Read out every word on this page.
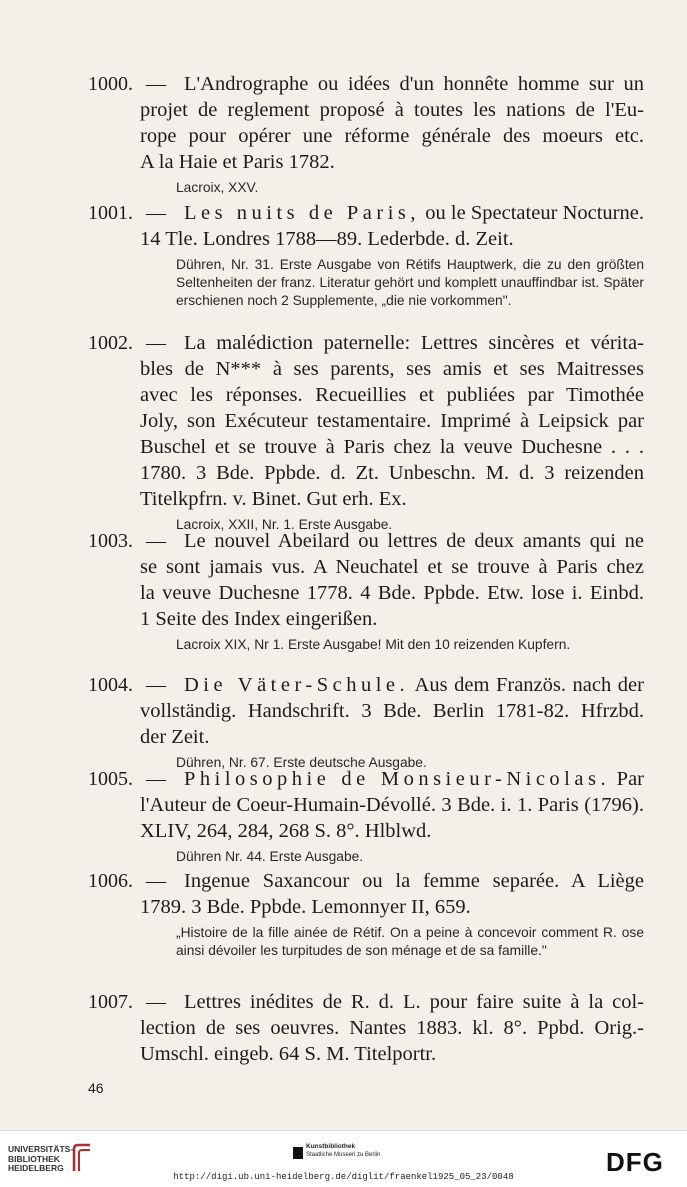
1000. — L'Andrographe ou idées d'un honnête homme sur un
projet de reglement proposé à toutes les nations de l'Eu-
rope pour opérer une réforme générale des moeurs etc.
A la Haie et Paris 1782.
Lacroix, XXV.
1001. — Les nuits de Paris, ou le Spectateur Nocturne.
14 Tle. Londres 1788—89. Lederbde. d. Zeit.
Dühren, Nr. 31. Erste Ausgabe von Rétifs Hauptwerk, die zu den größten Seltenheiten der franz. Literatur gehört und komplett unauffindbar ist. Später erschienen noch 2 Supplemente, „die nie vorkommen".
1002. — La malédiction paternelle: Lettres sincères et vérita-
bles de N*** à ses parents, ses amis et ses Maitresses
avec les réponses. Recueillies et publiées par Timothée
Joly, son Exécuteur testamentaire. Imprimé à Leipsick par
Buschel et se trouve à Paris chez la veuve Duchesne . . .
1780. 3 Bde. Ppbde. d. Zt. Unbeschn. M. d. 3 reizenden
Titelkpfrn. v. Binet. Gut erh. Ex.
Lacroix, XXII, Nr. 1. Erste Ausgabe.
1003. — Le nouvel Abeilard ou lettres de deux amants qui ne
se sont jamais vus. A Neuchatel et se trouve à Paris chez
la veuve Duchesne 1778. 4 Bde. Ppbde. Etw. lose i. Einbd.
1 Seite des Index eingerißen.
Lacroix XIX, Nr 1. Erste Ausgabe! Mit den 10 reizenden Kupfern.
1004. — Die Väter-Schule. Aus dem Französ. nach der
vollständig. Handschrift. 3 Bde. Berlin 1781-82. Hfrzbd.
der Zeit.
Dühren, Nr. 67. Erste deutsche Ausgabe.
1005. — Philosophie de Monsieur-Nicolas. Par
l'Auteur de Coeur-Humain-Dévollé. 3 Bde. i. 1. Paris (1796).
XLIV, 264, 284, 268 S. 8°. Hlblwd.
Dühren Nr. 44. Erste Ausgabe.
1006. — Ingenue Saxancour ou la femme separée. A Liège
1789. 3 Bde. Ppbde. Lemonnyer II, 659.
„Histoire de la fille ainée de Rétif. On a peine à concevoir comment R. ose ainsi dévoiler les turpitudes de son ménage et de sa famille."
1007. — Lettres inédites de R. d. L. pour faire suite à la col-
lection de ses oeuvres. Nantes 1883. kl. 8°. Ppbd. Orig.-
Umschl. eingeb. 64 S. M. Titelportr.
46
UNIVERSITÄTS-
BIBLIOTHEK
HEIDELBERG
Kunstbibliothek
Staatliche Museen zu Berlin	DFG
http://digi.ub.uni-heidelberg.de/diglit/fraenkel1925_05_23/0048
